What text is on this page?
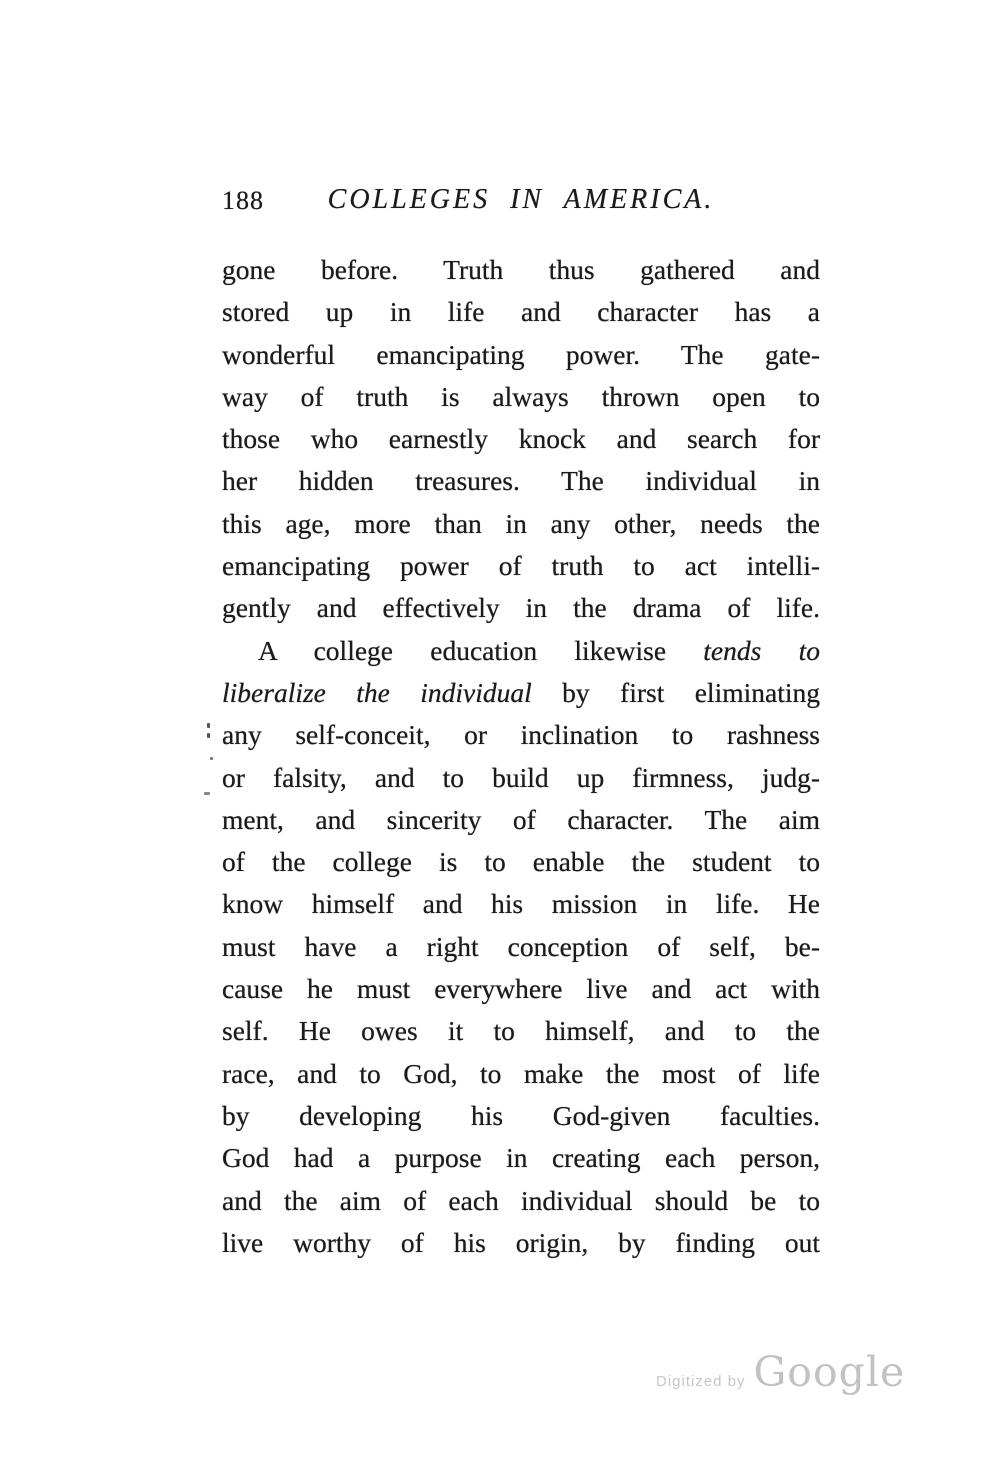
188	COLLEGES IN AMERICA.
gone before. Truth thus gathered and
stored up in life and character has a
wonderful emancipating power. The gate-
way of truth is always thrown open to
those who earnestly knock and search for
her hidden treasures. The individual in
this age, more than in any other, needs the
emancipating power of truth to act intelli-
gently and effectively in the drama of life.
A college education likewise tends to
liberalize the individual by first eliminating
any self-conceit, or inclination to rashness
or falsity, and to build up firmness, judg-
ment, and sincerity of character. The aim
of the college is to enable the student to
know himself and his mission in life. He
must have a right conception of self, be-
cause he must everywhere live and act with
self. He owes it to himself, and to the
race, and to God, to make the most of life
by developing his God-given faculties.
God had a purpose in creating each person,
and the aim of each individual should be to
live worthy of his origin, by finding out
Digitized by Google
